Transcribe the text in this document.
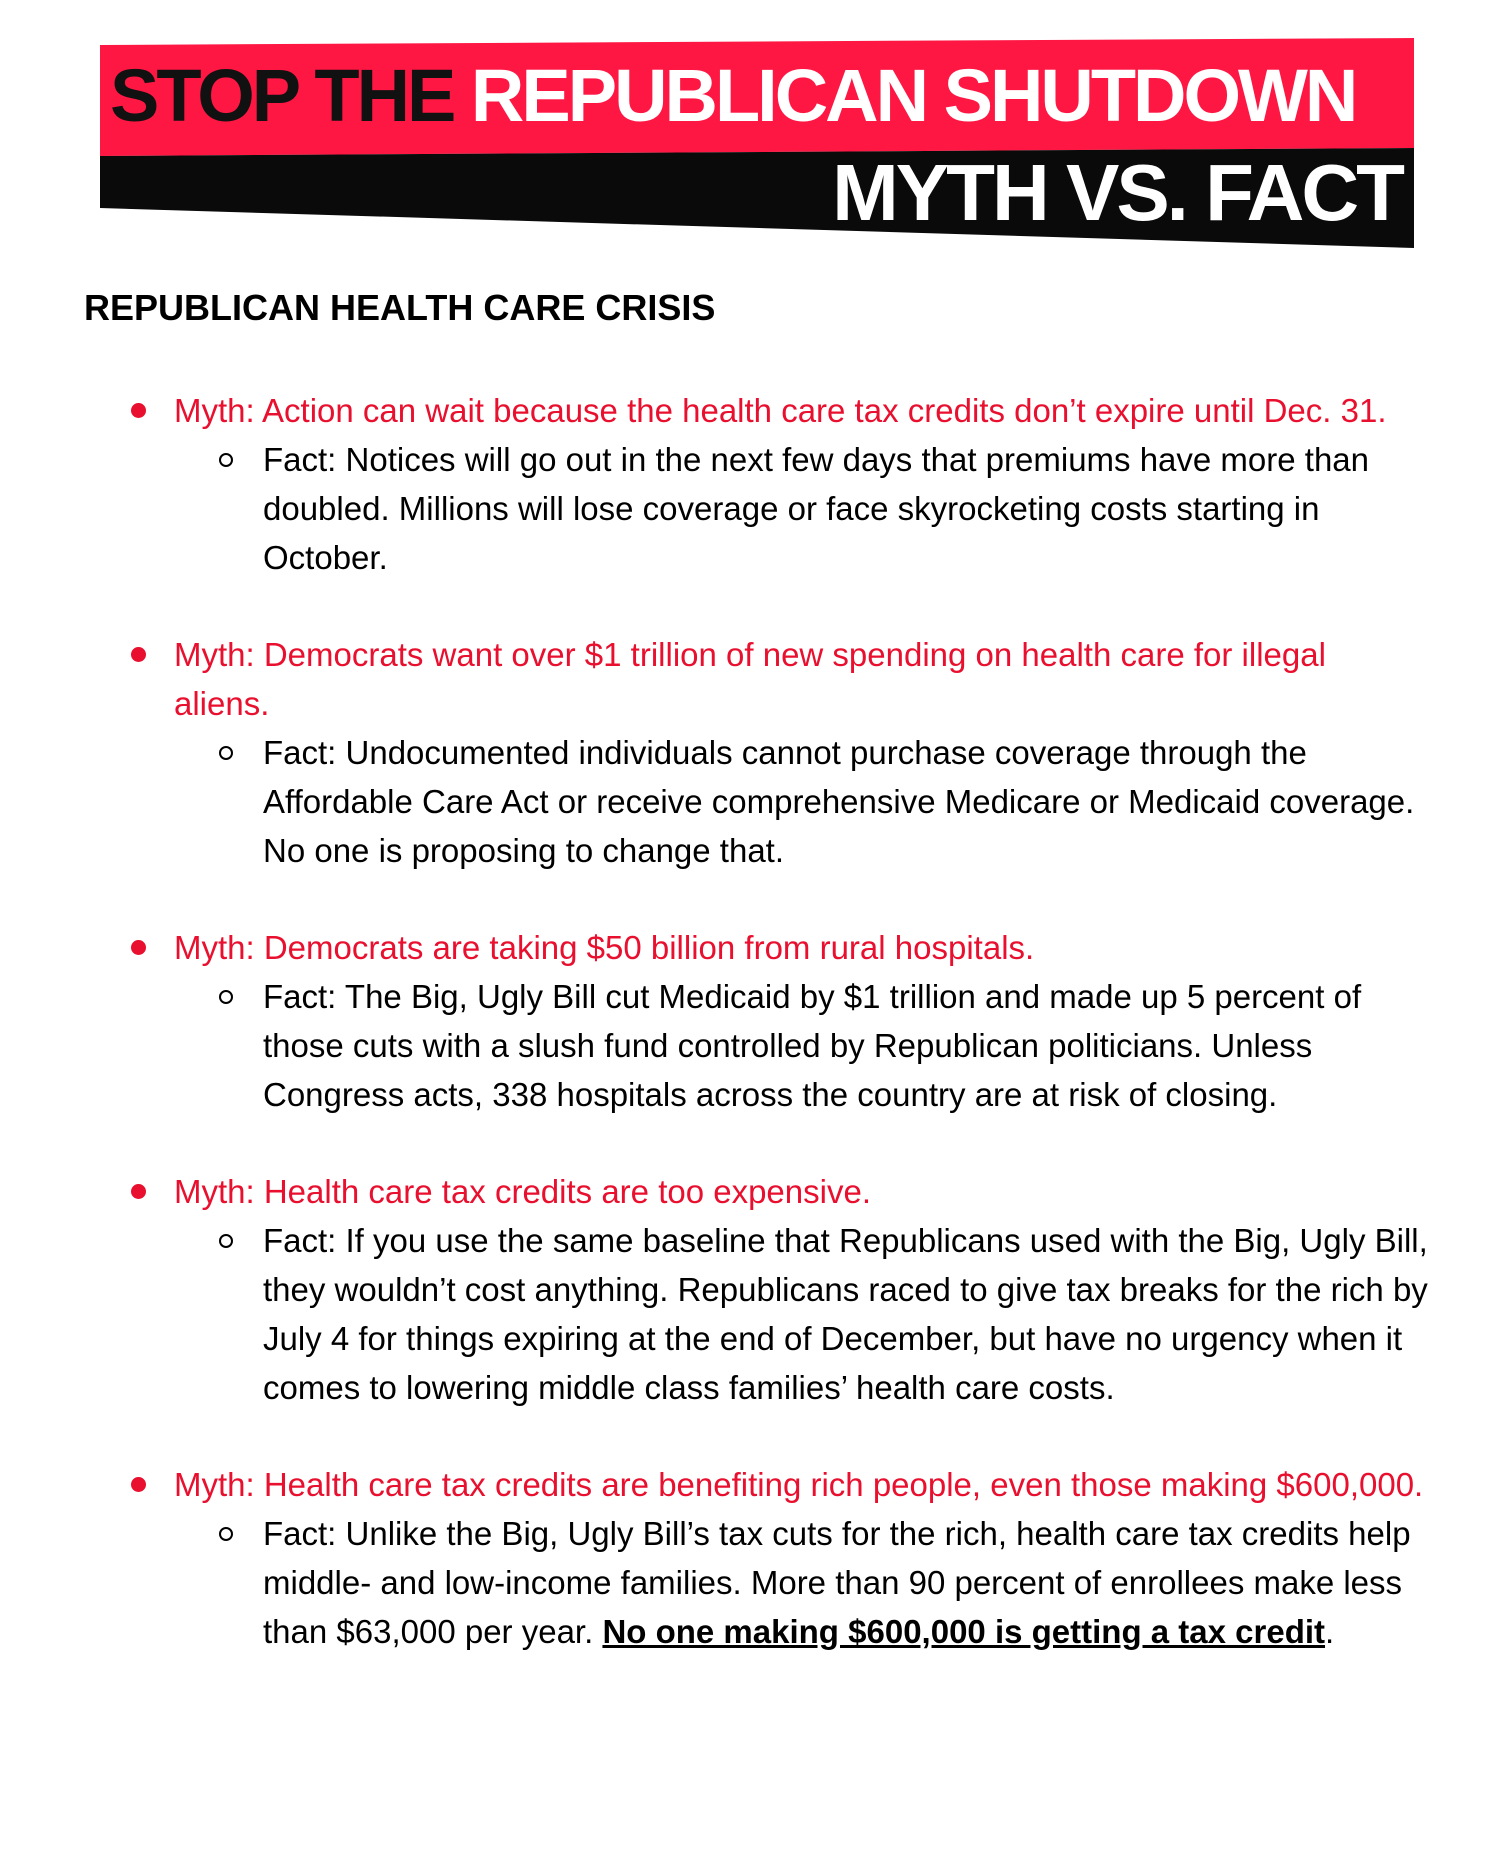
STOP THE REPUBLICAN SHUTDOWN
MYTH VS. FACT
REPUBLICAN HEALTH CARE CRISIS
Myth: Action can wait because the health care tax credits don’t expire until Dec. 31.
Fact: Notices will go out in the next few days that premiums have more than doubled. Millions will lose coverage or face skyrocketing costs starting in October.
Myth: Democrats want over $1 trillion of new spending on health care for illegal aliens.
Fact: Undocumented individuals cannot purchase coverage through the Affordable Care Act or receive comprehensive Medicare or Medicaid coverage. No one is proposing to change that.
Myth: Democrats are taking $50 billion from rural hospitals.
Fact: The Big, Ugly Bill cut Medicaid by $1 trillion and made up 5 percent of those cuts with a slush fund controlled by Republican politicians. Unless Congress acts, 338 hospitals across the country are at risk of closing.
Myth: Health care tax credits are too expensive.
Fact: If you use the same baseline that Republicans used with the Big, Ugly Bill, they wouldn’t cost anything. Republicans raced to give tax breaks for the rich by July 4 for things expiring at the end of December, but have no urgency when it comes to lowering middle class families’ health care costs.
Myth: Health care tax credits are benefiting rich people, even those making $600,000.
Fact: Unlike the Big, Ugly Bill’s tax cuts for the rich, health care tax credits help middle- and low-income families. More than 90 percent of enrollees make less than $63,000 per year. No one making $600,000 is getting a tax credit.
